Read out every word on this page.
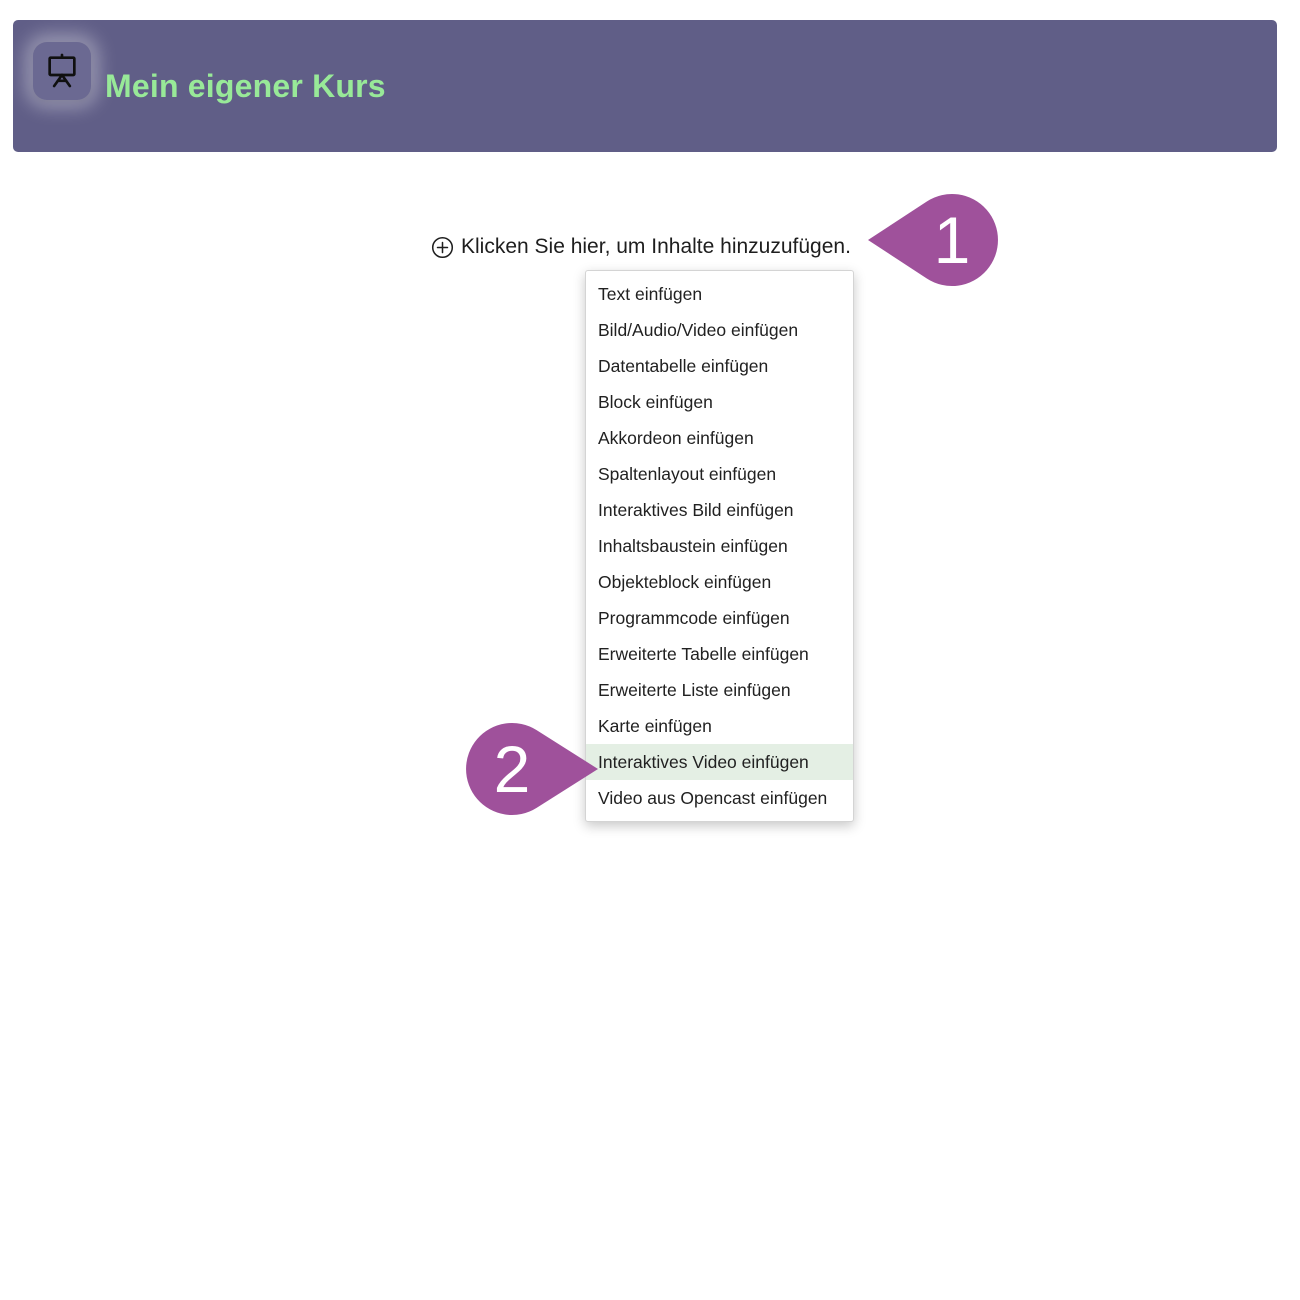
Mein eigener Kurs
Klicken Sie hier, um Inhalte hinzuzufügen.
Text einfügen
Bild/Audio/Video einfügen
Datentabelle einfügen
Block einfügen
Akkordeon einfügen
Spaltenlayout einfügen
Interaktives Bild einfügen
Inhaltsbaustein einfügen
Objekteblock einfügen
Programmcode einfügen
Erweiterte Tabelle einfügen
Erweiterte Liste einfügen
Karte einfügen
Interaktives Video einfügen
Video aus Opencast einfügen
1
2
